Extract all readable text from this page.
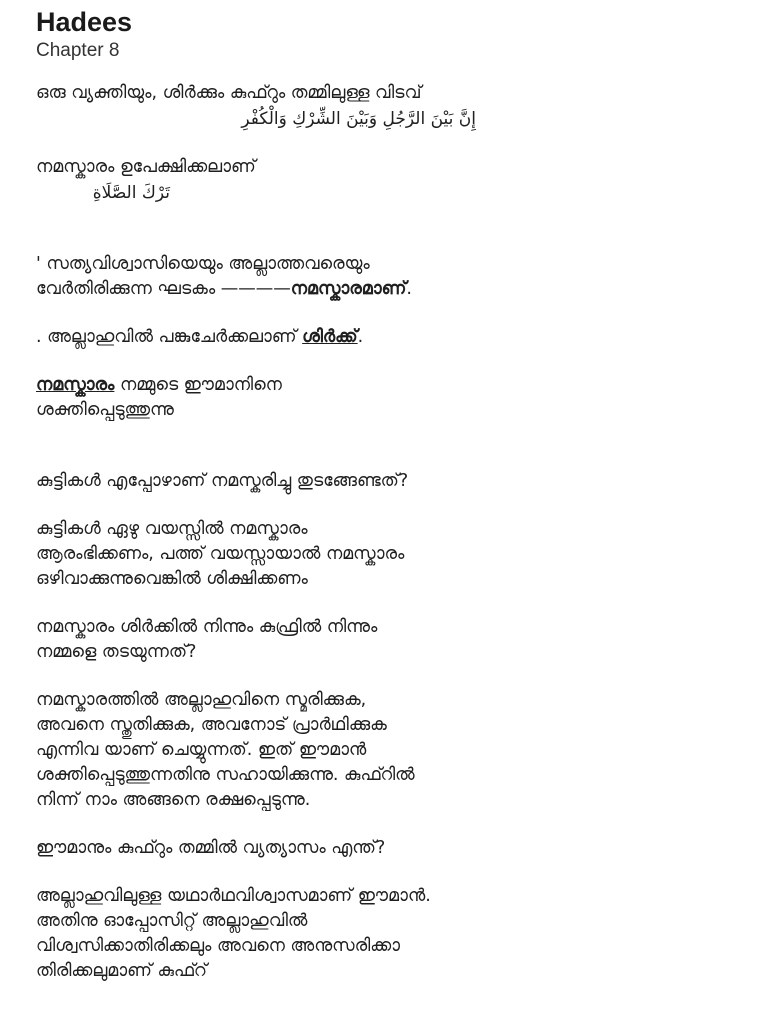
Hadees
Chapter 8
ഒരു വ്യക്തിയും, ശിർക്കും കുഫ്റും തമ്മിലുള്ള വിടവ്
إِنَّ بَيْنَ الرَّجُلِ وَبَيْنَ الشِّرْكِ وَالْكُفْرِ
നമസ്കാരം ഉപേക്ഷിക്കലാണ്
تَرْكَ الصَّلَاةِ
' സത്യവിശ്വാസിയെയും അല്ലാത്തവരെയും
വേർതിരിക്കുന്ന ഘടകം ————നമസ്കാരമാണ്.
. അല്ലാഹുവിൽ പങ്കുചേർക്കലാണ് ശിർക്ക്.
നമസ്കാരം നമ്മുടെ ഈമാനിനെ
ശക്തിപ്പെടുത്തുന്നു
കുട്ടികൾ എപ്പോഴാണ് നമസ്കരിച്ചു തുടങ്ങേണ്ടത്?
കുട്ടികൾ ഏഴു വയസ്സിൽ നമസ്കാരം
ആരംഭിക്കണം, പത്ത് വയസ്സായാൽ നമസ്കാരം
ഒഴിവാക്കുന്നുവെങ്കിൽ ശിക്ഷിക്കണം
നമസ്കാരം ശിർക്കിൽ നിന്നും കുഫ്രിൽ നിന്നും
നമ്മളെ തടയുന്നത്?
നമസ്കാരത്തിൽ അല്ലാഹുവിനെ സ്മരിക്കുക,
അവനെ സ്തുതിക്കുക, അവനോട് പ്രാർഥിക്കുക
എന്നിവ യാണ് ചെയ്യുന്നത്. ഇത് ഈമാൻ
ശക്തിപ്പെടുത്തുന്നതിനു സഹായിക്കുന്നു. കുഫ്റിൽ
നിന്ന് നാം അങ്ങനെ രക്ഷപ്പെടുന്നു.
ഈമാനും കുഫ്റും തമ്മിൽ വ്യത്യാസം എന്ത്?
അല്ലാഹുവിലുള്ള യഥാർഥവിശ്വാസമാണ് ഈമാൻ.
അതിനു ഓപ്പോസിറ്റ് അല്ലാഹുവിൽ
വിശ്വസിക്കാതിരിക്കലും അവനെ അനുസരിക്കാ
തിരിക്കലുമാണ് കുഫ്റ്
